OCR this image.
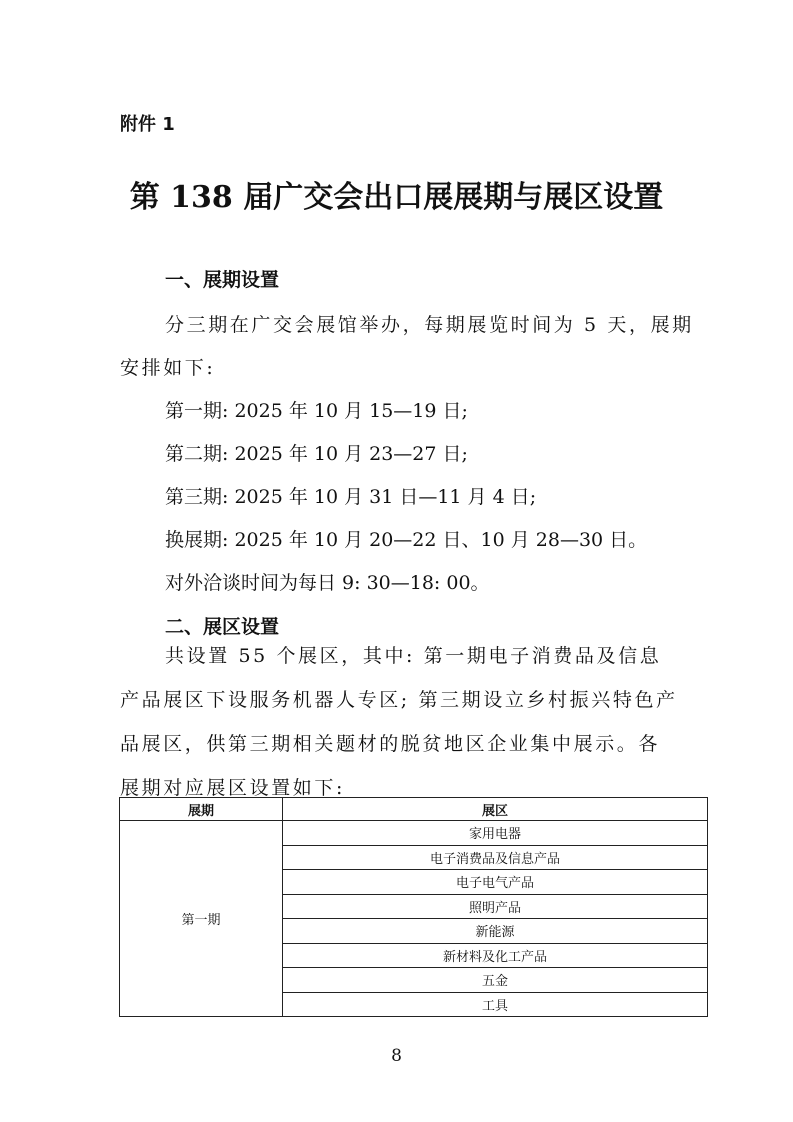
附件 1
第 138 届广交会出口展展期与展区设置
一、展期设置
分三期在广交会展馆举办，每期展览时间为 5 天，展期
安排如下:
第一期: 2025 年 10 月 15—19 日;
第二期: 2025 年 10 月 23—27 日;
第三期: 2025 年 10 月 31 日—11 月 4 日;
换展期: 2025 年 10 月 20—22 日、10 月 28—30 日。
对外洽谈时间为每日 9: 30—18: 00。
二、展区设置
共设置 55 个展区，其中: 第一期电子消费品及信息产品展区下设服务机器人专区; 第三期设立乡村振兴特色产品展区，供第三期相关题材的脱贫地区企业集中展示。各展期对应展区设置如下:
展期	展区
第一期	家用电器
	电子消费品及信息产品
	电子电气产品
	照明产品
	新能源
	新材料及化工产品
	五金
	工具
8
